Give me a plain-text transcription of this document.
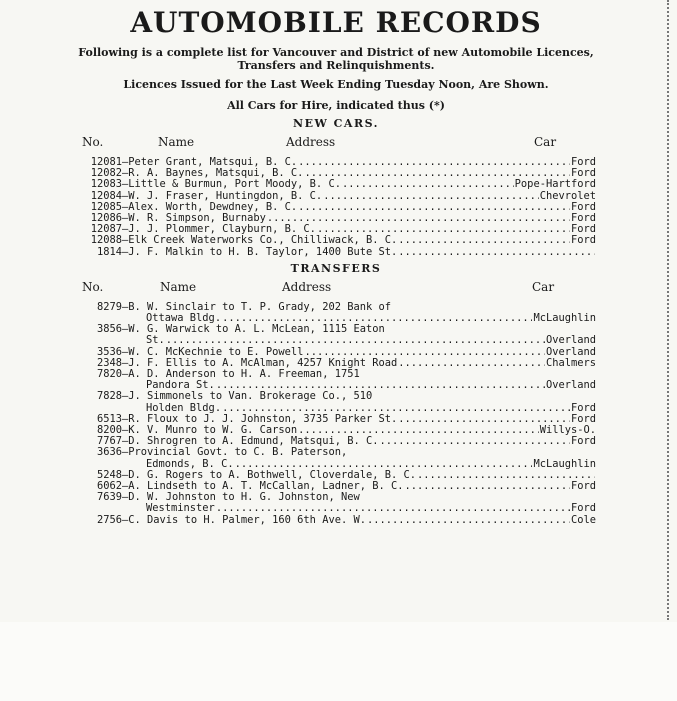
AUTOMOBILE RECORDS

Following is a complete list for Vancouver and District of new Automobile Licences, Transfers and Relinquishments.

Licences Issued for the Last Week Ending Tuesday Noon, Are Shown.

All Cars for Hire, indicated thus (*)

NEW CARS.

No.	Name	Address	Car
12081 — Peter Grant, Matsqui, B. C. .....	Ford
12082 — R. A. Baynes, Matsqui, B. C. .....	Ford
12083 — Little & Burmun, Port Moody, B. C. .....	Pope-Hartford
12084 — W. J. Fraser, Huntingdon, B. C. .....	Chevrolet
12085 — Alex. Worth, Dewdney, B. C. .....	Ford
12086 — W. R. Simpson, Burnaby .....	Ford
12087 — J. J. Plommer, Clayburn, B. C. .....	Ford
12088 — Elk Creek Waterworks Co., Chilliwack, B. C. .....	Ford
1814 — J. F. Malkin to H. B. Taylor, 1400 Bute St.
.....

TRANSFERS

No.	Name	Address	Car
8279 — B. W. Sinclair to T. P. Grady, 202 Bank of
Ottawa Bldg. .....	McLaughlin
3856 — W. G. Warwick to A. L. McLean, 1115 Eaton
St. .....	Overland
3536 — W. C. McKechnie to E. Powell .....	Overland
2348 — J. F. Ellis to A. McAlman, 4257 Knight Road .....	Chalmers
7820 — A. D. Anderson to H. A. Freeman, 1751
Pandora St. .....	Overland
7828 — J. Simmonels to Van. Brokerage Co., 510
Holden Bldg. .....	Ford
6513 — R. Floux to J. J. Johnston, 3735 Parker St. .....	Ford
8200 — K. V. Munro to W. G. Carson .....	Willys-O.
7767 — D. Shrogren to A. Edmund, Matsqui, B. C. .....	Ford
3636 — Provincial Govt. to C. B. Paterson,
Edmonds, B. C. .....	McLaughlin
5248 — D. G. Rogers to A. Bothwell, Cloverdale, B. C.
.....
6062 — A. Lindseth to A. T. McCallan, Ladner, B. C. .....	Ford
7639 — D. W. Johnston to H. G. Johnston, New
Westminster .....	Ford
2756 — C. Davis to H. Palmer, 160 6th Ave. W. .....	Cole
